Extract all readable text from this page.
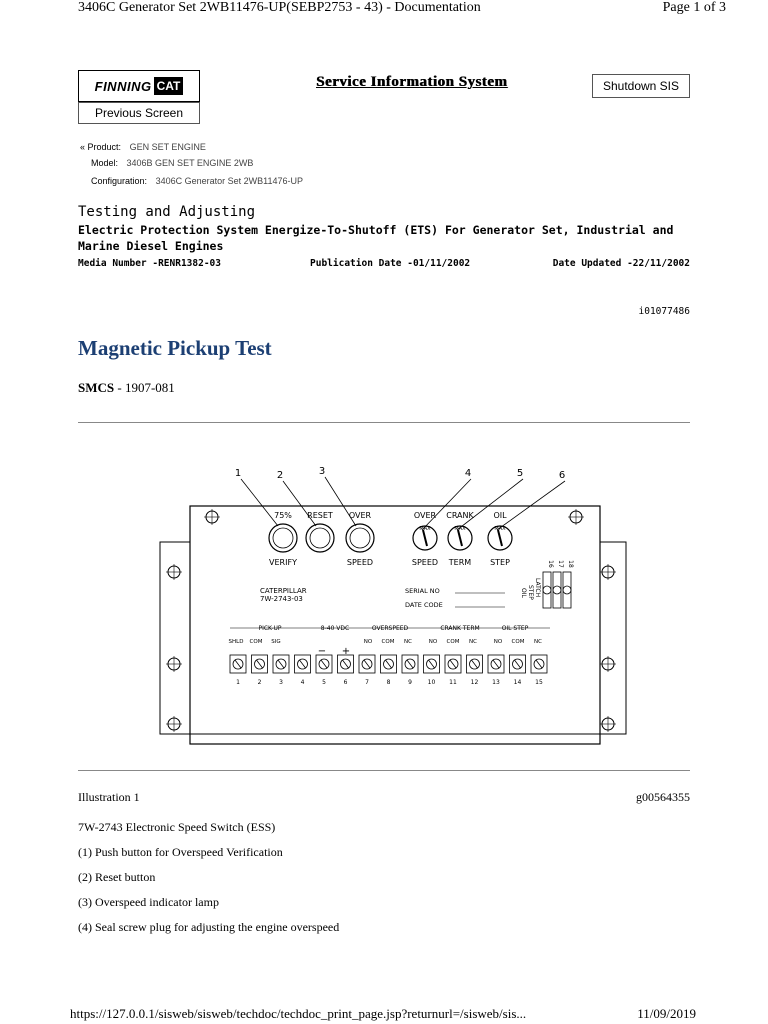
3406C Generator Set 2WB11476-UP(SEBP2753 - 43) - Documentation	Page 1 of 3
FINNING CAT	Service Information System	Shutdown SIS
Previous Screen
« Product: GEN SET ENGINE
Model: 3406B GEN SET ENGINE 2WB
Configuration: 3406C Generator Set 2WB11476-UP
Testing and Adjusting
Electric Protection System Energize-To-Shutoff (ETS) For Generator Set, Industrial and Marine Diesel Engines
Media Number -RENR1382-03	Publication Date -01/11/2002	Date Updated -22/11/2002
i01077486
Magnetic Pickup Test
SMCS - 1907-081
1	2	3	4	5	6
MAX	MAX	MAX
75% RESET OVER	OVER CRANK OIL
VERIFY	SPEED	SPEED TERM STEP	16 17 18
PICK-UP	8-40 VDC	OVERSPEED	CRANK TERM	OIL STEP
SHLD COM SIG	NO COM NC	NO COM NC	NO COM NC
− +
1	2	3	4	5	6	7	8	9	10 11 12 13 14 15
CATERPILLAR
7W-2743-03
SERIAL NO
DATE CODE
OIL STEP LATCH
Illustration 1	g00564355
7W-2743 Electronic Speed Switch (ESS)
(1) Push button for Overspeed Verification
(2) Reset button
(3) Overspeed indicator lamp
(4) Seal screw plug for adjusting the engine overspeed
https://127.0.0.1/sisweb/sisweb/techdoc/techdoc_print_page.jsp?returnurl=/sisweb/sis...	11/09/2019
